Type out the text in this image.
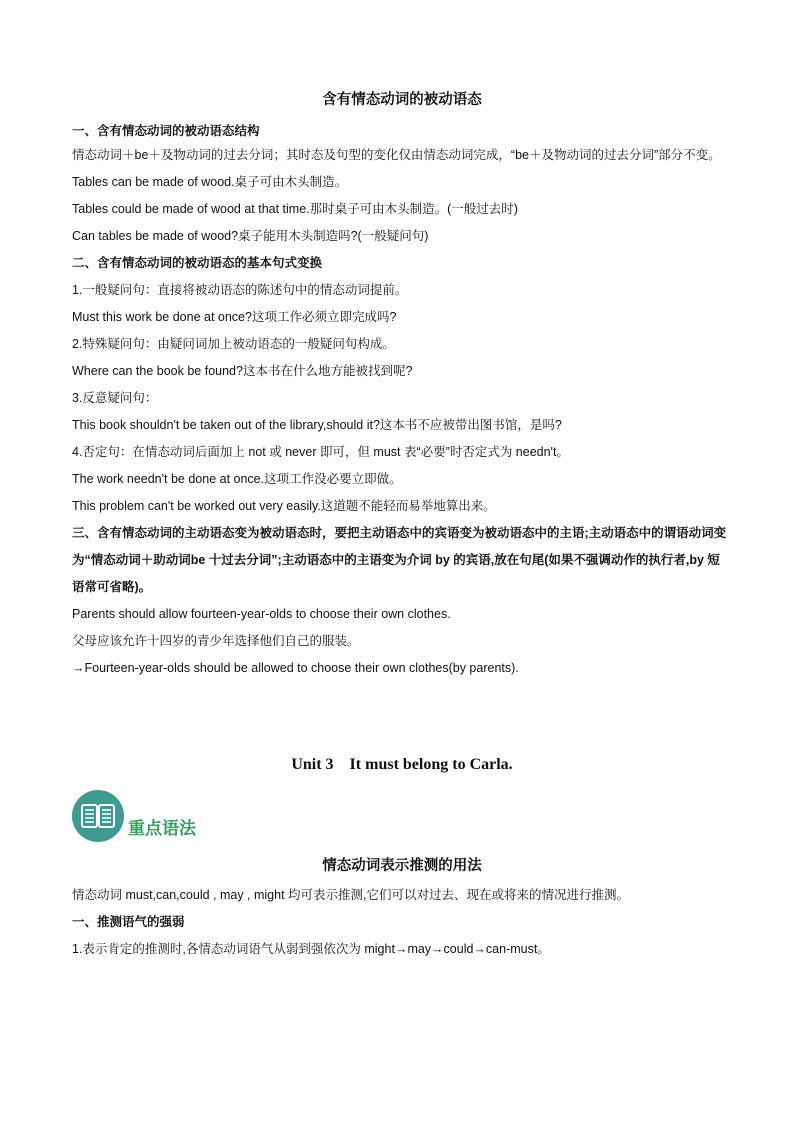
含有情态动词的被动语态

一、含有情态动词的被动语态结构

情态动词＋be＋及物动词的过去分词；其时态及句型的变化仅由情态动词完成，“be＋及物动词的过去分词”部分不变。

Tables can be made of wood.桌子可由木头制造。

Tables could be made of wood at that time.那时桌子可由木头制造。(一般过去时)

Can tables be made of wood?桌子能用木头制造吗?(一般疑问句)

二、含有情态动词的被动语态的基本句式变换

1.一般疑问句：直接将被动语态的陈述句中的情态动词提前。

Must this work be done at once?这项工作必须立即完成吗?

2.特殊疑问句：由疑问词加上被动语态的一般疑问句构成。

Where can the book be found?这本书在什么地方能被找到呢?

3.反意疑问句：

This book shouldn't be taken out of the library,should it?这本书不应被带出图书馆，是吗?

4.否定句：在情态动词后面加上 not 或 never 即可，但 must 表“必要”时否定式为 needn't。

The work needn't be done at once.这项工作没必要立即做。

This problem can't be worked out very easily.这道题不能轻而易举地算出来。

三、含有情态动词的主动语态变为被动语态时，要把主动语态中的宾语变为被动语态中的主语;主动语态中的谓语动词变为“情态动词＋助动词be 十过去分词”;主动语态中的主语变为介词 by 的宾语,放在句尾(如果不强调动作的执行者,by 短语常可省略)。

Parents should allow fourteen-year-olds to choose their own clothes.

父母应该允许十四岁的青少年选择他们自己的服装。

→Fourteen-year-olds should be allowed to choose their own clothes(by parents).

Unit 3    It must belong to Carla.

重点语法

情态动词表示推测的用法

情态动词 must,can,could , may , might 均可表示推测,它们可以对过去、现在或将来的情况进行推测。

一、推测语气的强弱

1.表示肯定的推测时,各情态动词语气从弱到强依次为 might→may→could→can-must。
